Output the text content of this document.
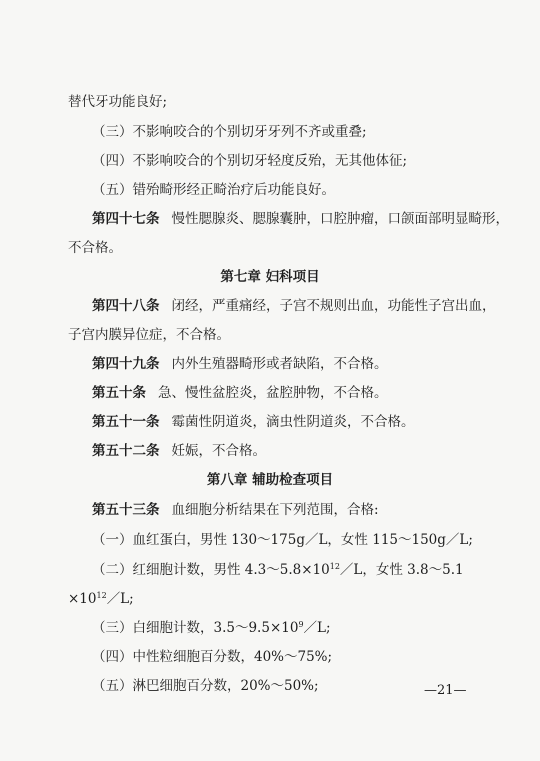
替代牙功能良好;
（三）不影响咬合的个别切牙牙列不齐或重叠;
（四）不影响咬合的个别切牙轻度反殆，无其他体征;
（五）错殆畸形经正畸治疗后功能良好。
第四十七条 慢性腮腺炎、腮腺囊肿，口腔肿瘤，口颌面部明显畸形，
不合格。
第七章 妇科项目
第四十八条 闭经，严重痛经，子宫不规则出血，功能性子宫出血，
子宫内膜异位症，不合格。
第四十九条 内外生殖器畸形或者缺陷，不合格。
第五十条 急、慢性盆腔炎，盆腔肿物，不合格。
第五十一条 霉菌性阴道炎，滴虫性阴道炎，不合格。
第五十二条 妊娠，不合格。
第八章 辅助检查项目
第五十三条 血细胞分析结果在下列范围，合格:
（一）血红蛋白，男性 130～175g／L，女性 115～150g／L;
（二）红细胞计数，男性 $4.3\sim 5.8\times 10^{12}/L$，女性 3.8～5.1
$\times 10^{12}/L$;
（三）白细胞计数，$3.5\sim 9.5\times 10^9/L$;
（四）中性粒细胞百分数，40%～75%;
（五）淋巴细胞百分数，20%～50%;	—21—
